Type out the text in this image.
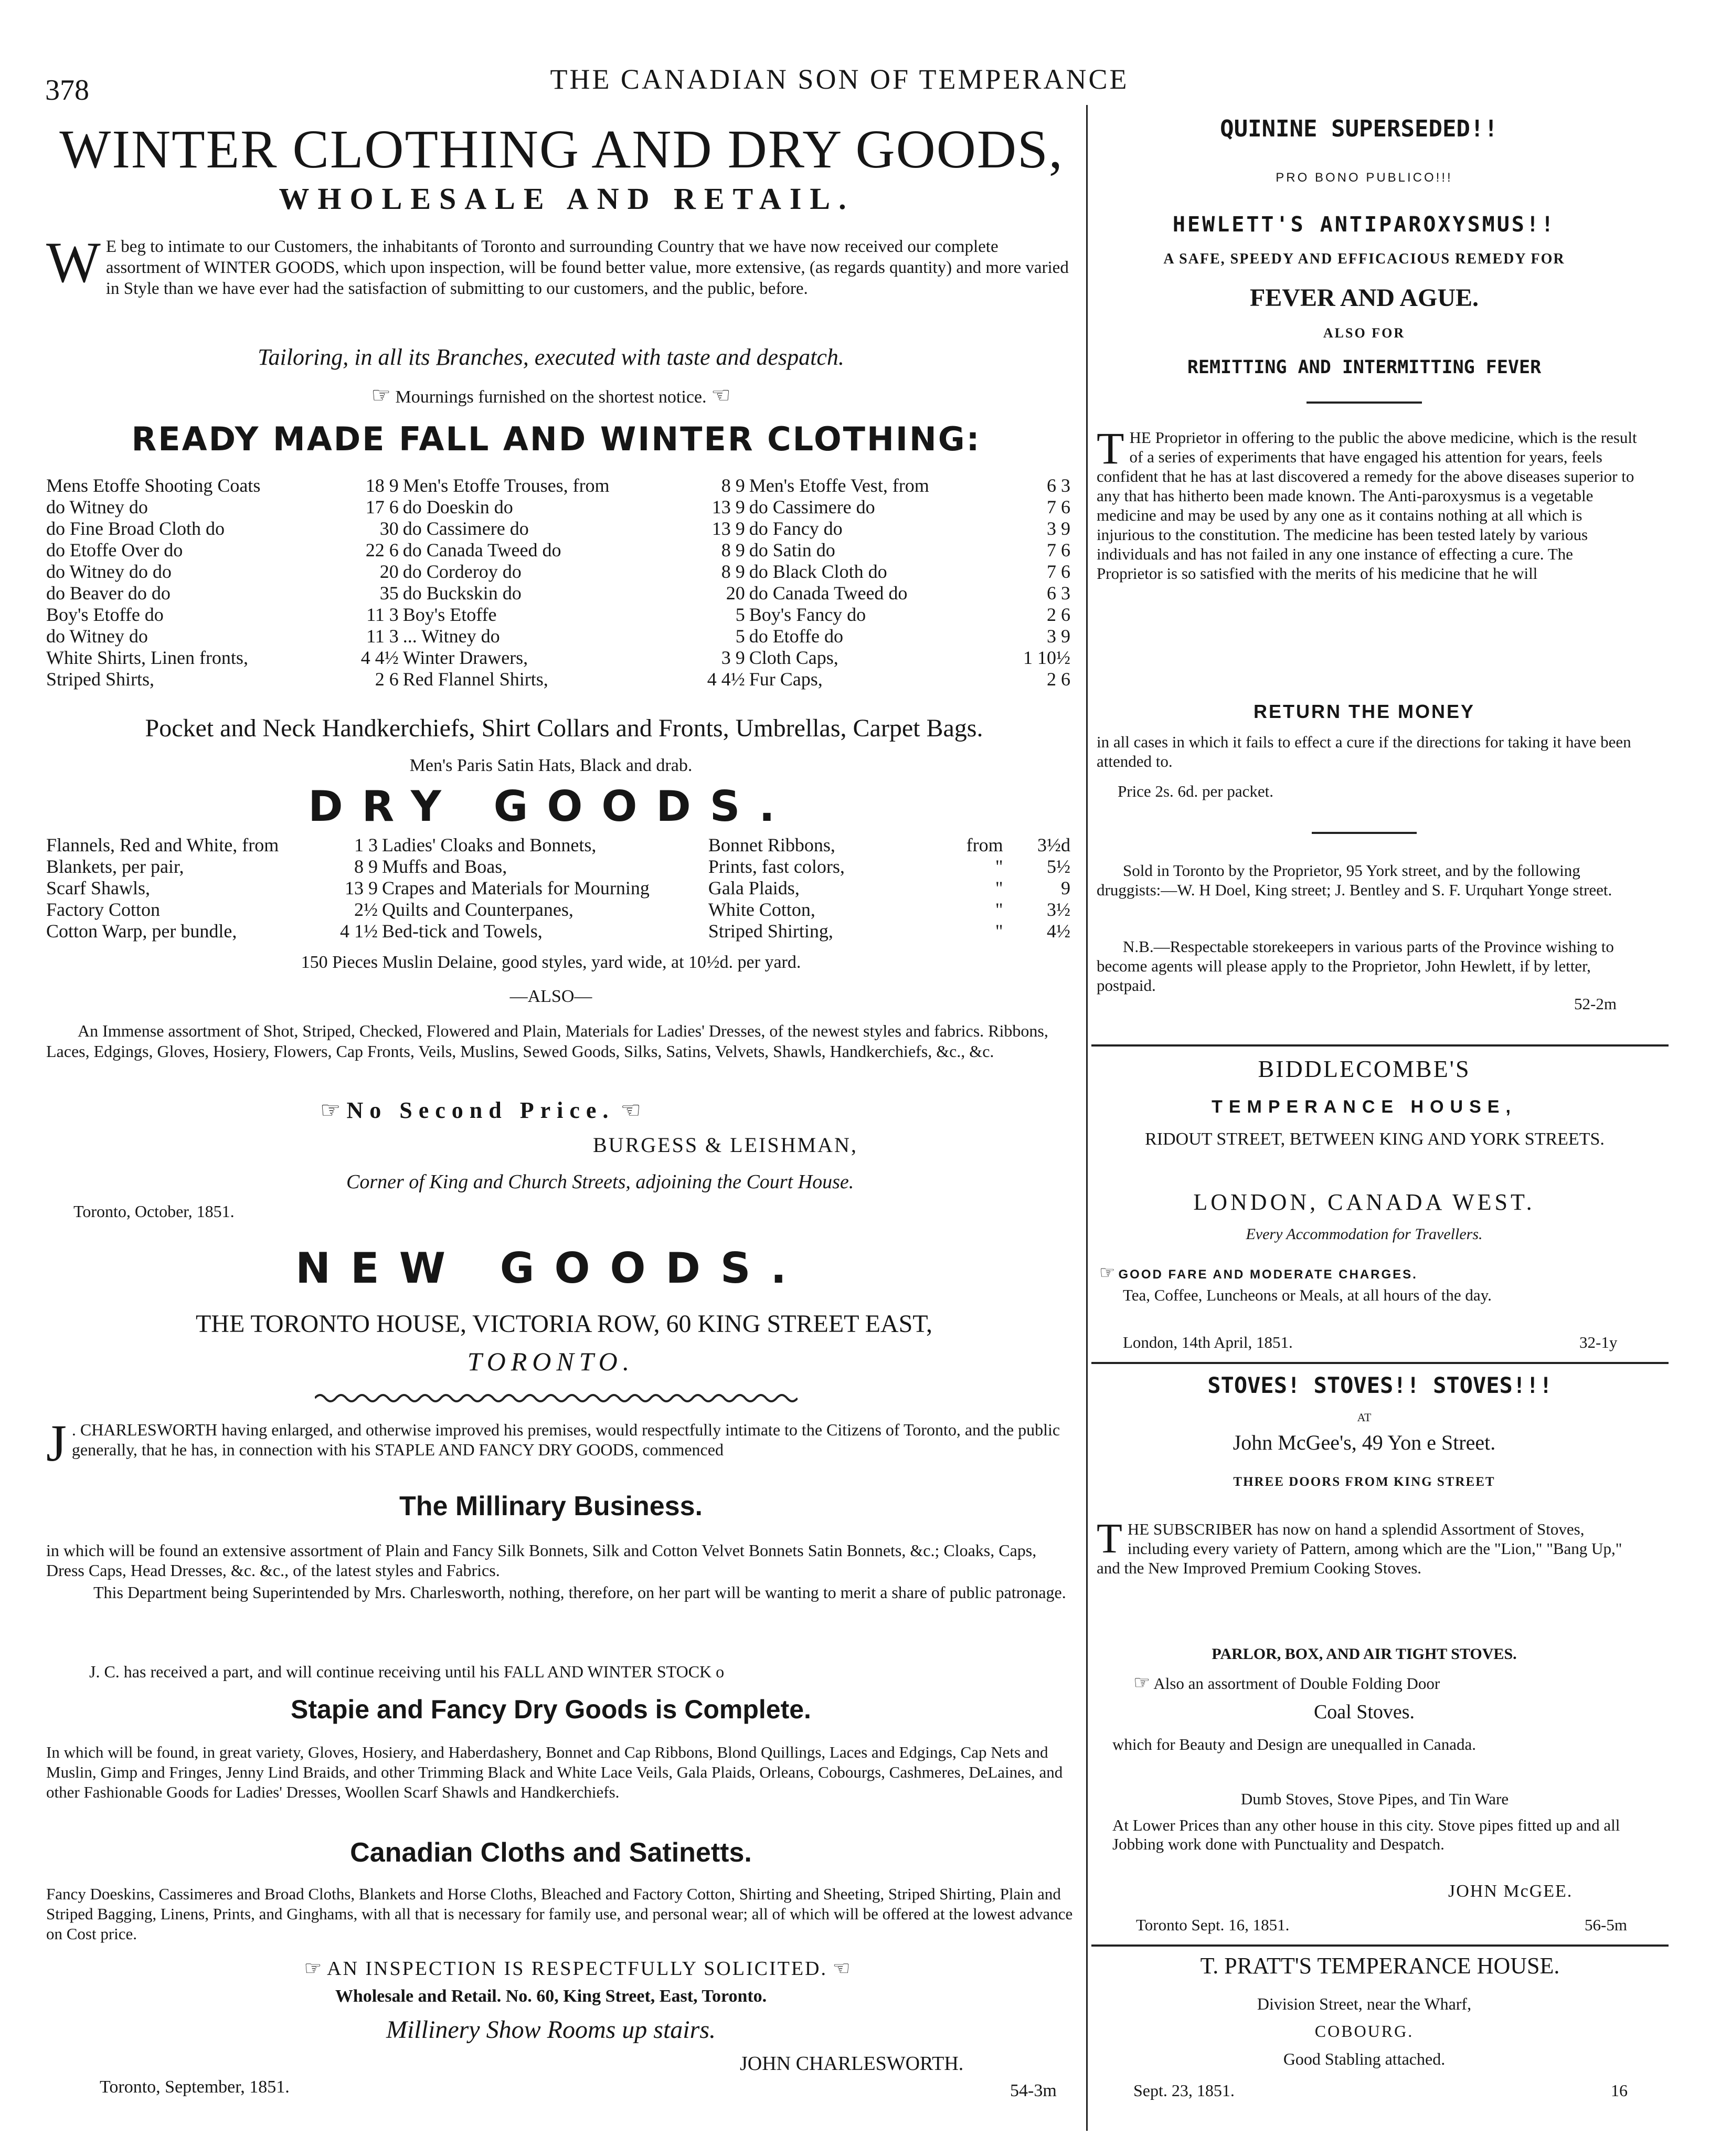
378	THE CANADIAN SON OF TEMPERANCE
WINTER CLOTHING AND DRY GOODS,
WHOLESALE AND RETAIL.
W E beg to intimate to our Customers, the inhabitants of Toronto and surrounding Country that we have now received our complete assortment of WINTER GOODS, which upon inspection, will be found better value, more extensive, (as regards quantity) and more varied in Style than we have ever had the satisfaction of submitting to our customers, and the public, before.
Tailoring, in all its Branches, executed with taste and despatch.
☞ Mournings furnished on the shortest notice. ☜
READY MADE FALL AND WINTER CLOTHING:
Mens Etoffe Shooting Coats	18 9	Men's Etoffe Trouses, from	8 9	Men's Etoffe Vest, from	6 3
do Witney do	17 6	do Doeskin do	13 9	do Cassimere do	7 6
do Fine Broad Cloth do	30	do Cassimere do	13 9	do Fancy do	3 9
do Etoffe Over do	22 6	do Canada Tweed do	8 9	do Satin do	7 6
do Witney do do	20	do Corderoy do	8 9	do Black Cloth do	7 6
do Beaver do do	35	do Buckskin do	20	do Canada Tweed do	6 3
Boy's Etoffe do	11 3	Boy's Etoffe	5	Boy's Fancy do	2 6
do Witney do	11 3	... Witney do	5	do Etoffe do	3 9
White Shirts, Linen fronts,	4 4½	Winter Drawers,	3 9	Cloth Caps,	1 10½
Striped Shirts,	2 6	Red Flannel Shirts,	4 4½	Fur Caps,	2 6
Pocket and Neck Handkerchiefs, Shirt Collars and Fronts, Umbrellas, Carpet Bags.
Men's Paris Satin Hats, Black and drab.
DRY GOODS.
Flannels, Red and White, from	1 3	Ladies' Cloaks and Bonnets,	Bonnet Ribbons,	from	3½d
Blankets, per pair,	8 9	Muffs and Boas,	Prints, fast colors,	"	5½
Scarf Shawls,	13 9	Crapes and Materials for Mourning	Gala Plaids,	"	9
Factory Cotton	2½	Quilts and Counterpanes,	White Cotton,	"	3½
Cotton Warp, per bundle,	4 1½	Bed-tick and Towels,	Striped Shirting,	"	4½
150 Pieces Muslin Delaine, good styles, yard wide, at 10½d. per yard.
—ALSO—
An Immense assortment of Shot, Striped, Checked, Flowered and Plain, Materials for Ladies' Dresses, of the newest styles and fabrics. Ribbons, Laces, Edgings, Gloves, Hosiery, Flowers, Cap Fronts, Veils, Muslins, Sewed Goods, Silks, Satins, Velvets, Shawls, Handkerchiefs, &c., &c.
☞ No Second Price. ☜
BURGESS & LEISHMAN,
Corner of King and Church Streets, adjoining the Court House.
Toronto, October, 1851.
NEW GOODS.
THE TORONTO HOUSE, VICTORIA ROW, 60 KING STREET EAST,
TORONTO.
J . CHARLESWORTH having enlarged, and otherwise improved his premises, would respectfully intimate to the Citizens of Toronto, and the public generally, that he has, in connection with his STAPLE AND FANCY DRY GOODS, commenced
The Millinary Business.
in which will be found an extensive assortment of Plain and Fancy Silk Bonnets, Silk and Cotton Velvet Bonnets Satin Bonnets, &c.; Cloaks, Caps, Dress Caps, Head Dresses, &c. &c., of the latest styles and Fabrics.
This Department being Superintended by Mrs. Charlesworth, nothing, therefore, on her part will be wanting to merit a share of public patronage.
J. C. has received a part, and will continue receiving until his FALL AND WINTER STOCK o
Stapie and Fancy Dry Goods is Complete.
In which will be found, in great variety, Gloves, Hosiery, and Haberdashery, Bonnet and Cap Ribbons, Blond Quillings, Laces and Edgings, Cap Nets and Muslin, Gimp and Fringes, Jenny Lind Braids, and other Trimming Black and White Lace Veils, Gala Plaids, Orleans, Cobourgs, Cashmeres, DeLaines, and other Fashionable Goods for Ladies' Dresses, Woollen Scarf Shawls and Handkerchiefs.
Canadian Cloths and Satinetts.
Fancy Doeskins, Cassimeres and Broad Cloths, Blankets and Horse Cloths, Bleached and Factory Cotton, Shirting and Sheeting, Striped Shirting, Plain and Striped Bagging, Linens, Prints, and Ginghams, with all that is necessary for family use, and personal wear; all of which will be offered at the lowest advance on Cost price.
☞ AN INSPECTION IS RESPECTFULLY SOLICITED. ☜
Wholesale and Retail. No. 60, King Street, East, Toronto.
Millinery Show Rooms up stairs.
JOHN CHARLESWORTH.
Toronto, September, 1851.	54-3m
QUININE SUPERSEDED!!
PRO BONO PUBLICO!!!
HEWLETT'S ANTIPAROXYSMUS!!
A SAFE, SPEEDY AND EFFICACIOUS REMEDY FOR
FEVER AND AGUE.
ALSO FOR
REMITTING AND INTERMITTING FEVER
T HE Proprietor in offering to the public the above medicine, which is the result of a series of experiments that have engaged his attention for years, feels confident that he has at last discovered a remedy for the above diseases superior to any that has hitherto been made known. The Anti-paroxysmus is a vegetable medicine and may be used by any one as it contains nothing at all which is injurious to the constitution. The medicine has been tested lately by various individuals and has not failed in any one instance of effecting a cure. The Proprietor is so satisfied with the merits of his medicine that he will
RETURN THE MONEY
in all cases in which it fails to effect a cure if the directions for taking it have been attended to.
Price 2s. 6d. per packet.
Sold in Toronto by the Proprietor, 95 York street, and by the following druggists:—W. H Doel, King street; J. Bentley and S. F. Urquhart Yonge street.
N.B.—Respectable storekeepers in various parts of the Province wishing to become agents will please apply to the Proprietor, John Hewlett, if by letter, postpaid.
52-2m
BIDDLECOMBE'S
TEMPERANCE HOUSE,
RIDOUT STREET, BETWEEN KING AND YORK STREETS.
LONDON, CANADA WEST.
Every Accommodation for Travellers.
☞ GOOD FARE AND MODERATE CHARGES.
Tea, Coffee, Luncheons or Meals, at all hours of the day.
London, 14th April, 1851.	32-1y
STOVES! STOVES!! STOVES!!!
AT
John McGee's, 49 Yon e Street.
THREE DOORS FROM KING STREET
T HE SUBSCRIBER has now on hand a splendid Assortment of Stoves, including every variety of Pattern, among which are the "Lion," "Bang Up," and the New Improved Premium Cooking Stoves.
PARLOR, BOX, AND AIR TIGHT STOVES.
☞ Also an assortment of Double Folding Door
Coal Stoves.
which for Beauty and Design are unequalled in Canada.
Dumb Stoves, Stove Pipes, and Tin Ware
At Lower Prices than any other house in this city. Stove pipes fitted up and all Jobbing work done with Punctuality and Despatch.
JOHN McGEE.
Toronto Sept. 16, 1851.	56-5m
T. PRATT'S TEMPERANCE HOUSE.
Division Street, near the Wharf,
COBOURG.
Good Stabling attached.
Sept. 23, 1851.	16
